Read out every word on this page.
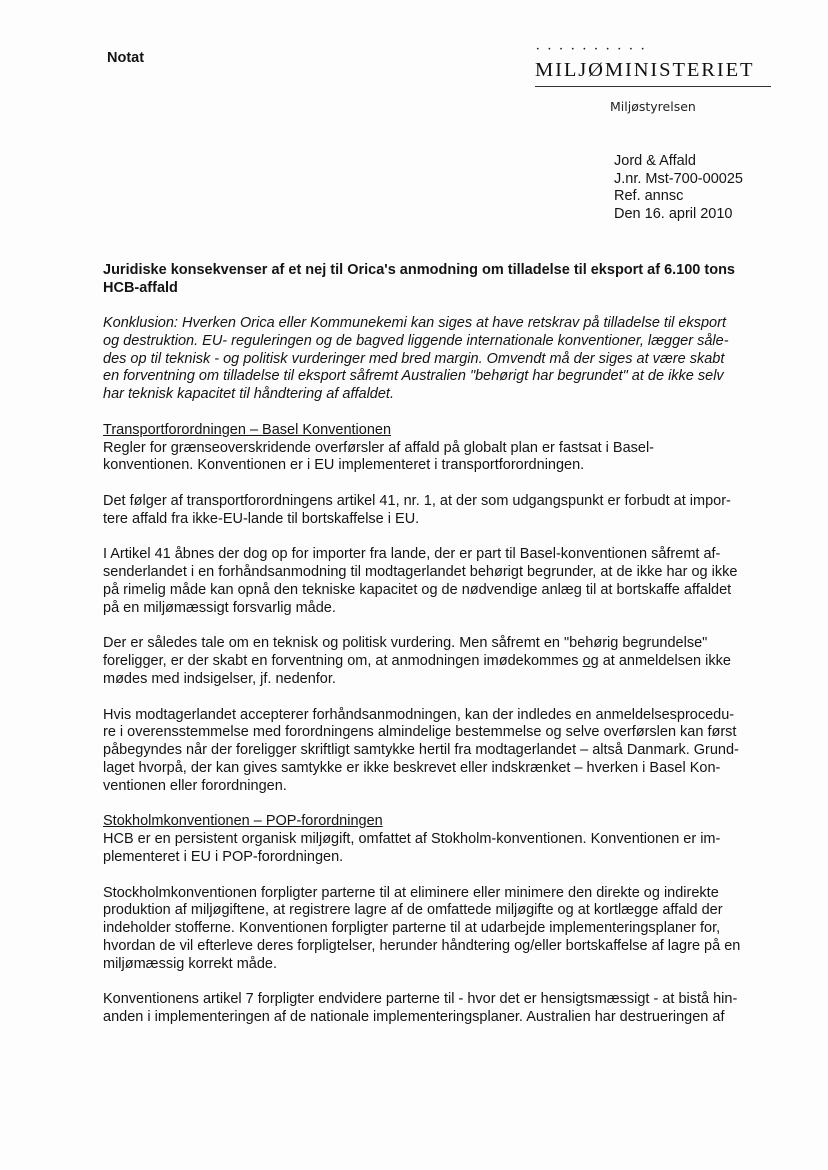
Notat
• • • • • • • • • •
MILJØMINISTERIET
Miljøstyrelsen
Jord & Affald
J.nr. Mst-700-00025
Ref. annsc
Den 16. april 2010
Juridiske konsekvenser af et nej til Orica's anmodning om tilladelse til eksport af 6.100 tons
HCB-affald
Konklusion: Hverken Orica eller Kommunekemi kan siges at have retskrav på tilladelse til eksport
og destruktion. EU- reguleringen og de bagved liggende internationale konventioner, lægger såle-
des op til teknisk - og politisk vurderinger med bred margin. Omvendt må der siges at være skabt
en forventning om tilladelse til eksport såfremt Australien "behørigt har begrundet" at de ikke selv
har teknisk kapacitet til håndtering af affaldet.
Transportforordningen – Basel Konventionen
Regler for grænseoverskridende overførsler af affald på globalt plan er fastsat i Basel-
konventionen. Konventionen er i EU implementeret i transportforordningen.
Det følger af transportforordningens artikel 41, nr. 1, at der som udgangspunkt er forbudt at impor-
tere affald fra ikke-EU-lande til bortskaffelse i EU.
I Artikel 41 åbnes der dog op for importer fra lande, der er part til Basel-konventionen såfremt af-
senderlandet i en forhåndsanmodning til modtagerlandet behørigt begrunder, at de ikke har og ikke
på rimelig måde kan opnå den tekniske kapacitet og de nødvendige anlæg til at bortskaffe affaldet
på en miljømæssigt forsvarlig måde.
Der er således tale om en teknisk og politisk vurdering. Men såfremt en "behørig begrundelse"
foreligger, er der skabt en forventning om, at anmodningen imødekommes og at anmeldelsen ikke
mødes med indsigelser, jf. nedenfor.
Hvis modtagerlandet accepterer forhåndsanmodningen, kan der indledes en anmeldelsesprocedu-
re i overensstemmelse med forordningens almindelige bestemmelse og selve overførslen kan først
påbegyndes når der foreligger skriftligt samtykke hertil fra modtagerlandet – altså Danmark. Grund-
laget hvorpå, der kan gives samtykke er ikke beskrevet eller indskrænket – hverken i Basel Kon-
ventionen eller forordningen.
Stokholmkonventionen – POP-forordningen
HCB er en persistent organisk miljøgift, omfattet af Stokholm-konventionen. Konventionen er im-
plementeret i EU i POP-forordningen.
Stockholmkonventionen forpligter parterne til at eliminere eller minimere den direkte og indirekte
produktion af miljøgiftene, at registrere lagre af de omfattede miljøgifte og at kortlægge affald der
indeholder stofferne. Konventionen forpligter parterne til at udarbejde implementeringsplaner for,
hvordan de vil efterleve deres forpligtelser, herunder håndtering og/eller bortskaffelse af lagre på en
miljømæssig korrekt måde.
Konventionens artikel 7 forpligter endvidere parterne til - hvor det er hensigtsmæssigt - at bistå hin-
anden i implementeringen af de nationale implementeringsplaner. Australien har destrueringen af
